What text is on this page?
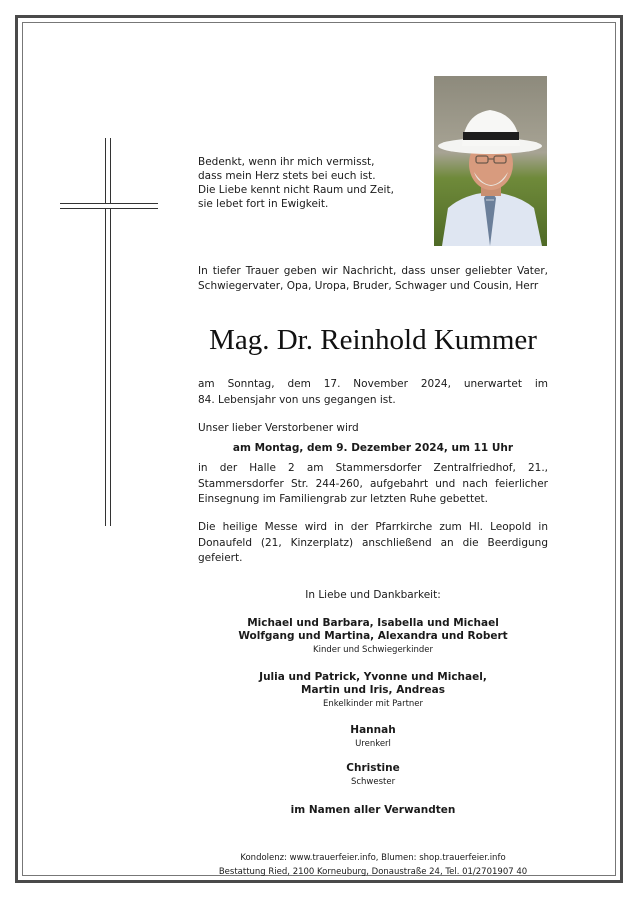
Bedenkt, wenn ihr mich vermisst,
dass mein Herz stets bei euch ist.
Die Liebe kennt nicht Raum und Zeit,
sie lebet fort in Ewigkeit.
In tiefer Trauer geben wir Nachricht, dass unser geliebter Vater,
Schwiegervater, Opa, Uropa, Bruder, Schwager und Cousin, Herr
Mag. Dr. Reinhold Kummer
am Sonntag, dem 17. November 2024, unerwartet im
84. Lebensjahr von uns gegangen ist.
Unser lieber Verstorbener wird
am Montag, dem 9. Dezember 2024, um 11 Uhr
in der Halle 2 am Stammersdorfer Zentralfriedhof, 21.,
Stammersdorfer Str. 244-260, aufgebahrt und nach feierlicher
Einsegnung im Familiengrab zur letzten Ruhe gebettet.
Die heilige Messe wird in der Pfarrkirche zum Hl. Leopold in
Donaufeld (21, Kinzerplatz) anschließend an die Beerdigung
gefeiert.
In Liebe und Dankbarkeit:
Michael und Barbara, Isabella und Michael
Wolfgang und Martina, Alexandra und Robert
Kinder und Schwiegerkinder
Julia und Patrick, Yvonne und Michael,
Martin und Iris, Andreas
Enkelkinder mit Partner
Hannah
Urenkerl
Christine
Schwester
im Namen aller Verwandten
Kondolenz: www.trauerfeier.info, Blumen: shop.trauerfeier.info
Bestattung Ried, 2100 Korneuburg, Donaustraße 24, Tel. 01/2701907 40
